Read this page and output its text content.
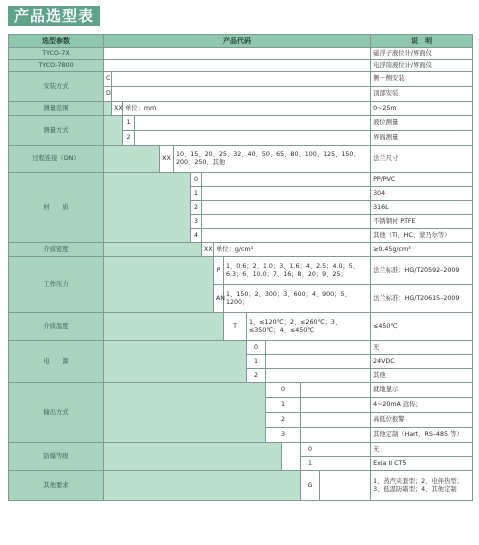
产品选型表
选型参数	产品代码													说　明
TYCO-7X														磁浮子液位计/界面仪
TYCO-7800														电浮筒液位计/界面仪
安装方式	C													侧－侧安装
	D													顶部安装
测量范围		XX	单位：mm											0~25m
测量方式			1											液位测量
			2											界面测量
过程连接（DN）					XX	10、15、20、25、32、40、50、65、80、100、125、150、200、250、其他								法兰尺寸
材　　质							0							PP/PVC
							1							304
							2							316L
							3							不锈钢衬 PTFE
							4							其他（Ti、HC、蒙乃尔等）
介质密度								XX	单位：g/cm³					≥0.45g/cm³
工作压力									P	1、0.6；2、1.0；3、1.6；4、2.5；4.0；5、6.3；6、10.0；7、16；8、20；9、25；				法兰标准：HG/T20592–2009
									AN	1、150；2、300；3、600；4、900；5、1200；				法兰标准：HG/T20615–2009
介质温度										T	1、≤120℃；2、≤260℃；3、≤350℃；4、≤450℃			≤450℃
电　　源											0			无
											1			24VDC
											2			其他
输出方式												0		就地显示
												1		4~20mA 远传；
												2		高低位报警
												3		其他定制（Hart、RS–485 等）
防爆等级													0	无

													1	Exia II CT5
其他要求													G	1、蒸汽夹套型；2、电伴热型；3、低温防霜型；4、其他定制
